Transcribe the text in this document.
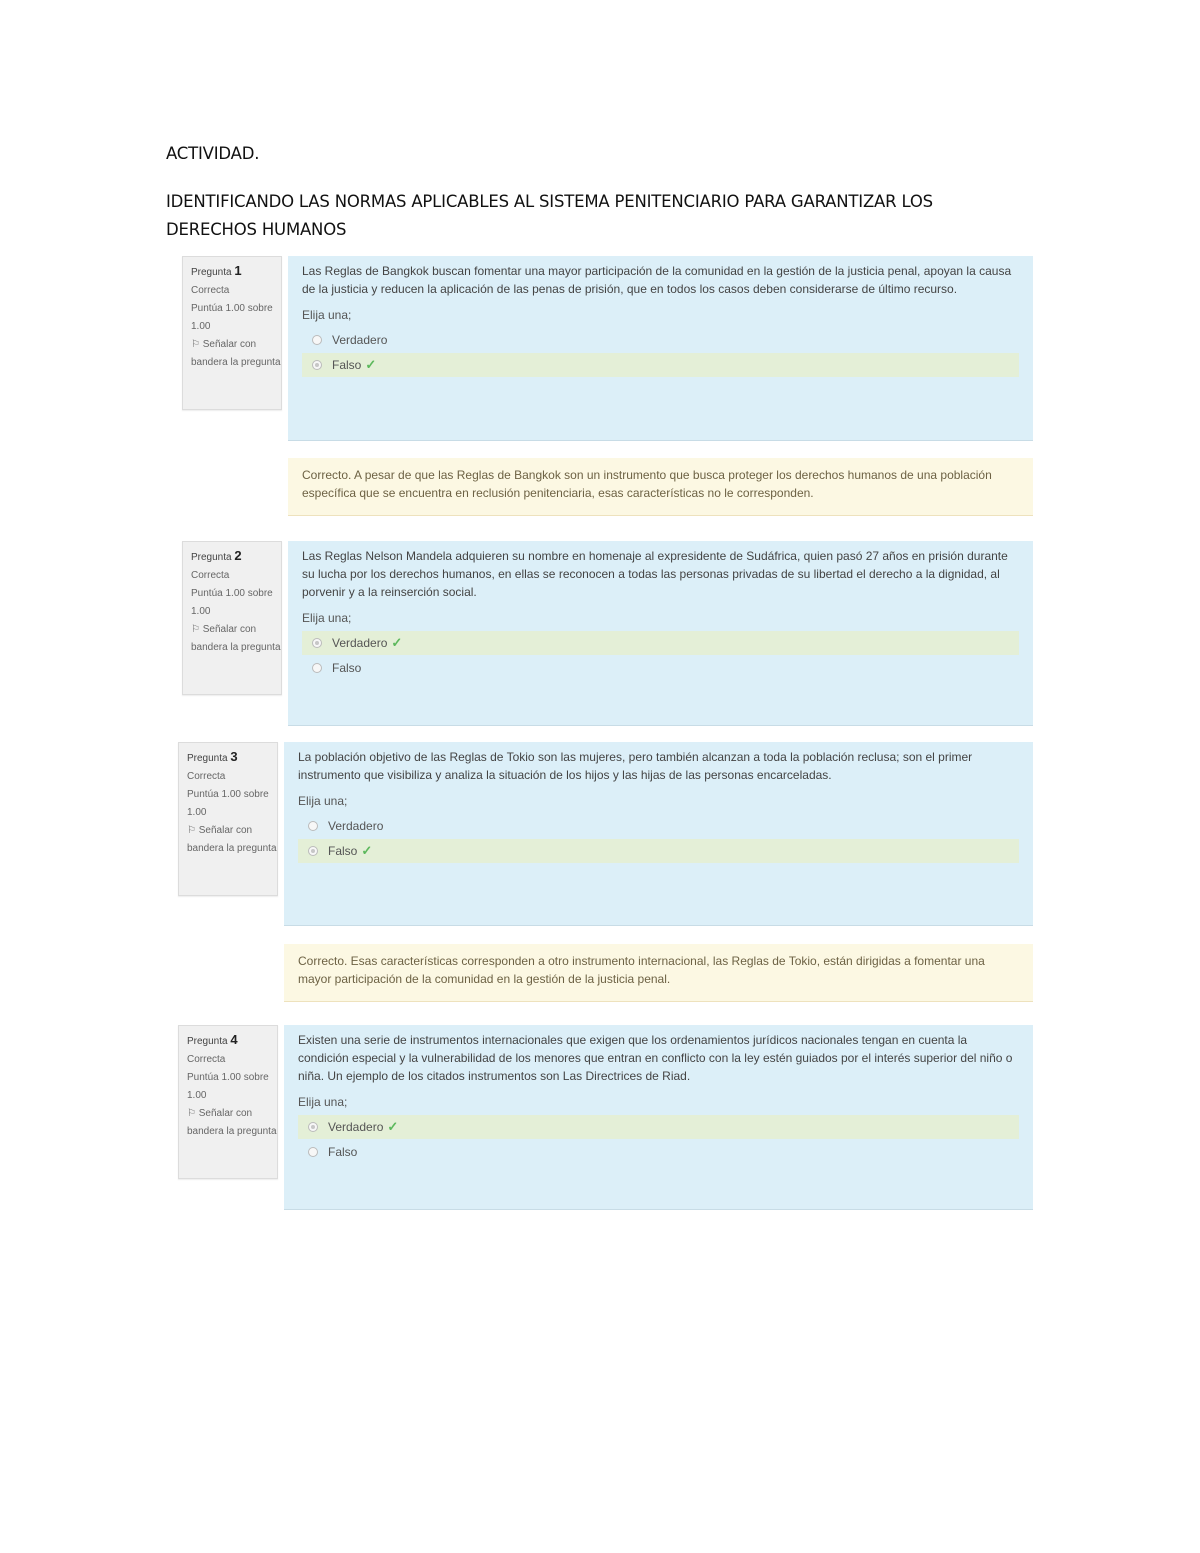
ACTIVIDAD.
IDENTIFICANDO LAS NORMAS APLICABLES AL SISTEMA PENITENCIARIO PARA GARANTIZAR LOS DERECHOS HUMANOS
Pregunta 1
Correcta
Puntúa 1.00 sobre 1.00
⚐ Señalar con bandera la pregunta
Las Reglas de Bangkok buscan fomentar una mayor participación de la comunidad en la gestión de la justicia penal, apoyan la causa de la justicia y reducen la aplicación de las penas de prisión, que en todos los casos deben considerarse de último recurso.
Elija una;
Verdadero
Falso ✓
Correcto. A pesar de que las Reglas de Bangkok son un instrumento que busca proteger los derechos humanos de una población específica que se encuentra en reclusión penitenciaria, esas características no le corresponden.
Pregunta 2
Correcta
Puntúa 1.00 sobre 1.00
⚐ Señalar con bandera la pregunta
Las Reglas Nelson Mandela adquieren su nombre en homenaje al expresidente de Sudáfrica, quien pasó 27 años en prisión durante su lucha por los derechos humanos, en ellas se reconocen a todas las personas privadas de su libertad el derecho a la dignidad, al porvenir y a la reinserción social.
Elija una;
Verdadero ✓
Falso
Pregunta 3
Correcta
Puntúa 1.00 sobre 1.00
⚐ Señalar con bandera la pregunta
La población objetivo de las Reglas de Tokio son las mujeres, pero también alcanzan a toda la población reclusa; son el primer instrumento que visibiliza y analiza la situación de los hijos y las hijas de las personas encarceladas.
Elija una;
Verdadero
Falso ✓
Correcto. Esas características corresponden a otro instrumento internacional, las Reglas de Tokio, están dirigidas a fomentar una mayor participación de la comunidad en la gestión de la justicia penal.
Pregunta 4
Correcta
Puntúa 1.00 sobre 1.00
⚐ Señalar con bandera la pregunta
Existen una serie de instrumentos internacionales que exigen que los ordenamientos jurídicos nacionales tengan en cuenta la condición especial y la vulnerabilidad de los menores que entran en conflicto con la ley estén guiados por el interés superior del niño o niña. Un ejemplo de los citados instrumentos son Las Directrices de Riad.
Elija una;
Verdadero ✓
Falso
